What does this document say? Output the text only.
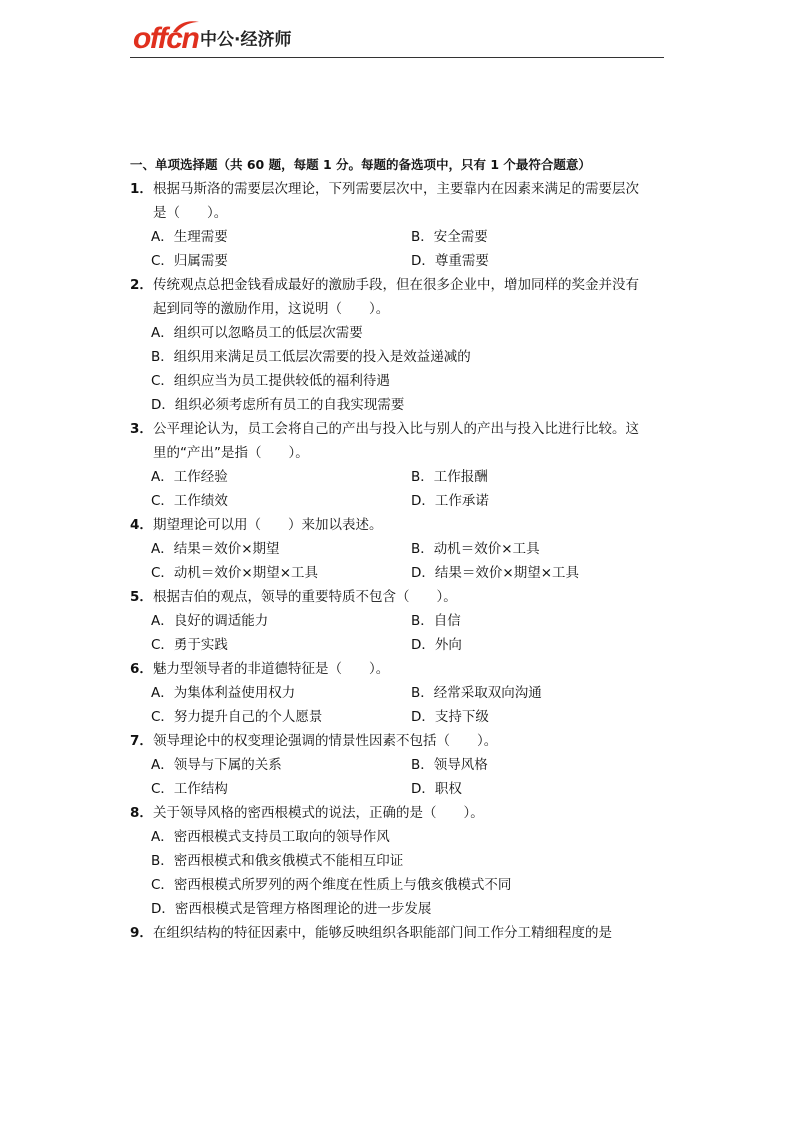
offcn 中公·经济师
一、单项选择题（共 60 题，每题 1 分。每题的备选项中，只有 1 个最符合题意）
1．根据马斯洛的需要层次理论，下列需要层次中，主要靠内在因素来满足的需要层次
是（　　）。
A．生理需要	B．安全需要
C．归属需要	D．尊重需要
2．传统观点总把金钱看成最好的激励手段，但在很多企业中，增加同样的奖金并没有
起到同等的激励作用，这说明（　　）。
A．组织可以忽略员工的低层次需要
B．组织用来满足员工低层次需要的投入是效益递减的
C．组织应当为员工提供较低的福利待遇
D．组织必须考虑所有员工的自我实现需要
3．公平理论认为，员工会将自己的产出与投入比与别人的产出与投入比进行比较。这
里的“产出”是指（　　）。
A．工作经验	B．工作报酬
C．工作绩效	D．工作承诺
4．期望理论可以用（　　）来加以表述。
A．结果＝效价×期望	B．动机＝效价×工具
C．动机＝效价×期望×工具	D．结果＝效价×期望×工具
5．根据吉伯的观点，领导的重要特质不包含（　　）。
A．良好的调适能力	B．自信
C．勇于实践	D．外向
6．魅力型领导者的非道德特征是（　　）。
A．为集体利益使用权力	B．经常采取双向沟通
C．努力提升自己的个人愿景	D．支持下级
7．领导理论中的权变理论强调的情景性因素不包括（　　）。
A．领导与下属的关系	B．领导风格
C．工作结构	D．职权
8．关于领导风格的密西根模式的说法，正确的是（　　）。
A．密西根模式支持员工取向的领导作风
B．密西根模式和俄亥俄模式不能相互印证
C．密西根模式所罗列的两个维度在性质上与俄亥俄模式不同
D．密西根模式是管理方格图理论的进一步发展
9．在组织结构的特征因素中，能够反映组织各职能部门间工作分工精细程度的是
